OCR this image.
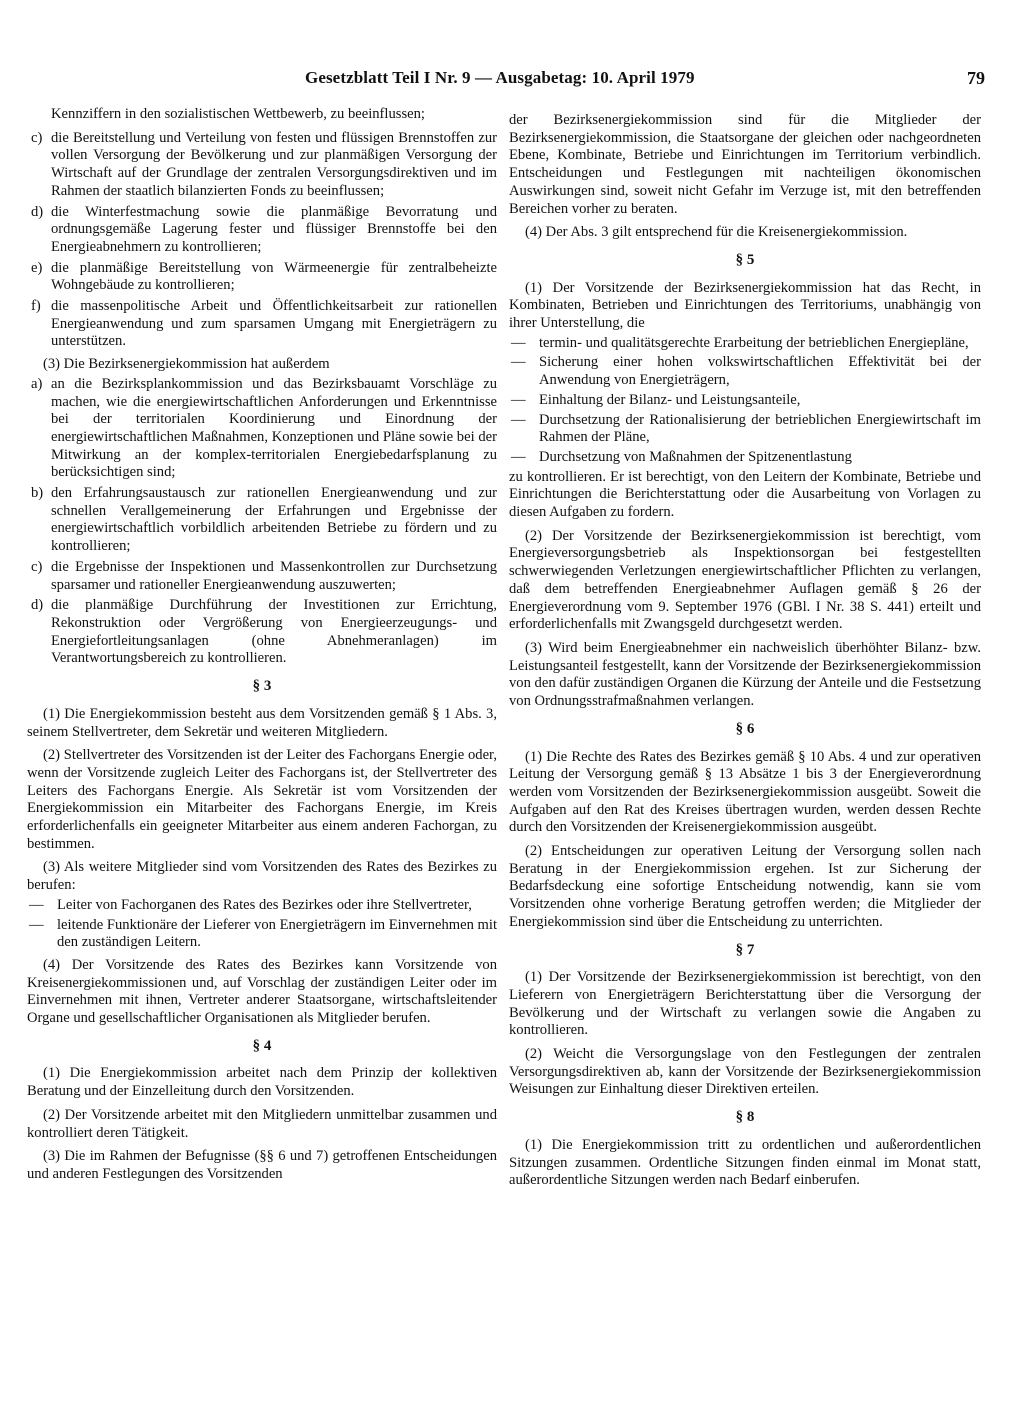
Gesetzblatt Teil I Nr. 9 — Ausgabetag: 10. April 1979	79

Kennziffern in den sozialistischen Wettbewerb, zu beeinflussen;

c) die Bereitstellung und Verteilung von festen und flüssigen Brennstoffen zur vollen Versorgung der Bevölkerung und zur planmäßigen Versorgung der Wirtschaft auf der Grundlage der zentralen Versorgungsdirektiven und im Rahmen der staatlich bilanzierten Fonds zu beeinflussen;
d) die Winterfestmachung sowie die planmäßige Bevorratung und ordnungsgemäße Lagerung fester und flüssiger Brennstoffe bei den Energieabnehmern zu kontrollieren;
e) die planmäßige Bereitstellung von Wärmeenergie für zentralbeheizte Wohngebäude zu kontrollieren;
f) die massenpolitische Arbeit und Öffentlichkeitsarbeit zur rationellen Energieanwendung und zum sparsamen Umgang mit Energieträgern zu unterstützen.

(3) Die Bezirksenergiekommission hat außerdem

a) an die Bezirksplankommission und das Bezirksbauamt Vorschläge zu machen, wie die energiewirtschaftlichen Anforderungen und Erkenntnisse bei der territorialen Koordinierung und Einordnung der energiewirtschaftlichen Maßnahmen, Konzeptionen und Pläne sowie bei der Mitwirkung an der komplex-territorialen Energiebedarfsplanung zu berücksichtigen sind;
b) den Erfahrungsaustausch zur rationellen Energieanwendung und zur schnellen Verallgemeinerung der Erfahrungen und Ergebnisse der energiewirtschaftlich vorbildlich arbeitenden Betriebe zu fördern und zu kontrollieren;
c) die Ergebnisse der Inspektionen und Massenkontrollen zur Durchsetzung sparsamer und rationeller Energieanwendung auszuwerten;
d) die planmäßige Durchführung der Investitionen zur Errichtung, Rekonstruktion oder Vergrößerung von Energieerzeugungs- und Energiefortleitungsanlagen (ohne Abnehmeranlagen) im Verantwortungsbereich zu kontrollieren.
§ 3

(1) Die Energiekommission besteht aus dem Vorsitzenden gemäß § 1 Abs. 3, seinem Stellvertreter, dem Sekretär und weiteren Mitgliedern.

(2) Stellvertreter des Vorsitzenden ist der Leiter des Fachorgans Energie oder, wenn der Vorsitzende zugleich Leiter des Fachorgans ist, der Stellvertreter des Leiters des Fachorgans Energie. Als Sekretär ist vom Vorsitzenden der Energiekommission ein Mitarbeiter des Fachorgans Energie, im Kreis erforderlichenfalls ein geeigneter Mitarbeiter aus einem anderen Fachorgan, zu bestimmen.

(3) Als weitere Mitglieder sind vom Vorsitzenden des Rates des Bezirkes zu berufen:

— Leiter von Fachorganen des Rates des Bezirkes oder ihre Stellvertreter,
— leitende Funktionäre der Lieferer von Energieträgern im Einvernehmen mit den zuständigen Leitern.

(4) Der Vorsitzende des Rates des Bezirkes kann Vorsitzende von Kreisenergiekommissionen und, auf Vorschlag der zuständigen Leiter oder im Einvernehmen mit ihnen, Vertreter anderer Staatsorgane, wirtschaftsleitender Organe und gesellschaftlicher Organisationen als Mitglieder berufen.

§ 4

(1) Die Energiekommission arbeitet nach dem Prinzip der kollektiven Beratung und der Einzelleitung durch den Vorsitzenden.

(2) Der Vorsitzende arbeitet mit den Mitgliedern unmittelbar zusammen und kontrolliert deren Tätigkeit.

(3) Die im Rahmen der Befugnisse (§§ 6 und 7) getroffenen Entscheidungen und anderen Festlegungen des Vorsitzenden

der Bezirksenergiekommission sind für die Mitglieder der Bezirksenergiekommission, die Staatsorgane der gleichen oder nachgeordneten Ebene, Kombinate, Betriebe und Einrichtungen im Territorium verbindlich. Entscheidungen und Festlegungen mit nachteiligen ökonomischen Auswirkungen sind, soweit nicht Gefahr im Verzuge ist, mit den betreffenden Bereichen vorher zu beraten.

(4) Der Abs. 3 gilt entsprechend für die Kreisenergiekommission.

§ 5

(1) Der Vorsitzende der Bezirksenergiekommission hat das Recht, in Kombinaten, Betrieben und Einrichtungen des Territoriums, unabhängig von ihrer Unterstellung, die

— termin- und qualitätsgerechte Erarbeitung der betrieblichen Energiepläne,
— Sicherung einer hohen volkswirtschaftlichen Effektivität bei der Anwendung von Energieträgern,
— Einhaltung der Bilanz- und Leistungsanteile,
— Durchsetzung der Rationalisierung der betrieblichen Energiewirtschaft im Rahmen der Pläne,
— Durchsetzung von Maßnahmen der Spitzenentlastung

zu kontrollieren. Er ist berechtigt, von den Leitern der Kombinate, Betriebe und Einrichtungen die Berichterstattung oder die Ausarbeitung von Vorlagen zu diesen Aufgaben zu fordern.

(2) Der Vorsitzende der Bezirksenergiekommission ist berechtigt, vom Energieversorgungsbetrieb als Inspektionsorgan bei festgestellten schwerwiegenden Verletzungen energiewirtschaftlicher Pflichten zu verlangen, daß dem betreffenden Energieabnehmer Auflagen gemäß § 26 der Energieverordnung vom 9. September 1976 (GBl. I Nr. 38 S. 441) erteilt und erforderlichenfalls mit Zwangsgeld durchgesetzt werden.

(3) Wird beim Energieabnehmer ein nachweislich überhöhter Bilanz- bzw. Leistungsanteil festgestellt, kann der Vorsitzende der Bezirksenergiekommission von den dafür zuständigen Organen die Kürzung der Anteile und die Festsetzung von Ordnungsstrafmaßnahmen verlangen.

§ 6

(1) Die Rechte des Rates des Bezirkes gemäß § 10 Abs. 4 und zur operativen Leitung der Versorgung gemäß § 13 Absätze 1 bis 3 der Energieverordnung werden vom Vorsitzenden der Bezirksenergiekommission ausgeübt. Soweit die Aufgaben auf den Rat des Kreises übertragen wurden, werden dessen Rechte durch den Vorsitzenden der Kreisenergiekommission ausgeübt.

(2) Entscheidungen zur operativen Leitung der Versorgung sollen nach Beratung in der Energiekommission ergehen. Ist zur Sicherung der Bedarfsdeckung eine sofortige Entscheidung notwendig, kann sie vom Vorsitzenden ohne vorherige Beratung getroffen werden; die Mitglieder der Energiekommission sind über die Entscheidung zu unterrichten.

§ 7

(1) Der Vorsitzende der Bezirksenergiekommission ist berechtigt, von den Lieferern von Energieträgern Berichterstattung über die Versorgung der Bevölkerung und der Wirtschaft zu verlangen sowie die Angaben zu kontrollieren.

(2) Weicht die Versorgungslage von den Festlegungen der zentralen Versorgungsdirektiven ab, kann der Vorsitzende der Bezirksenergiekommission Weisungen zur Einhaltung dieser Direktiven erteilen.

§ 8

(1) Die Energiekommission tritt zu ordentlichen und außerordentlichen Sitzungen zusammen. Ordentliche Sitzungen finden einmal im Monat statt, außerordentliche Sitzungen werden nach Bedarf einberufen.
